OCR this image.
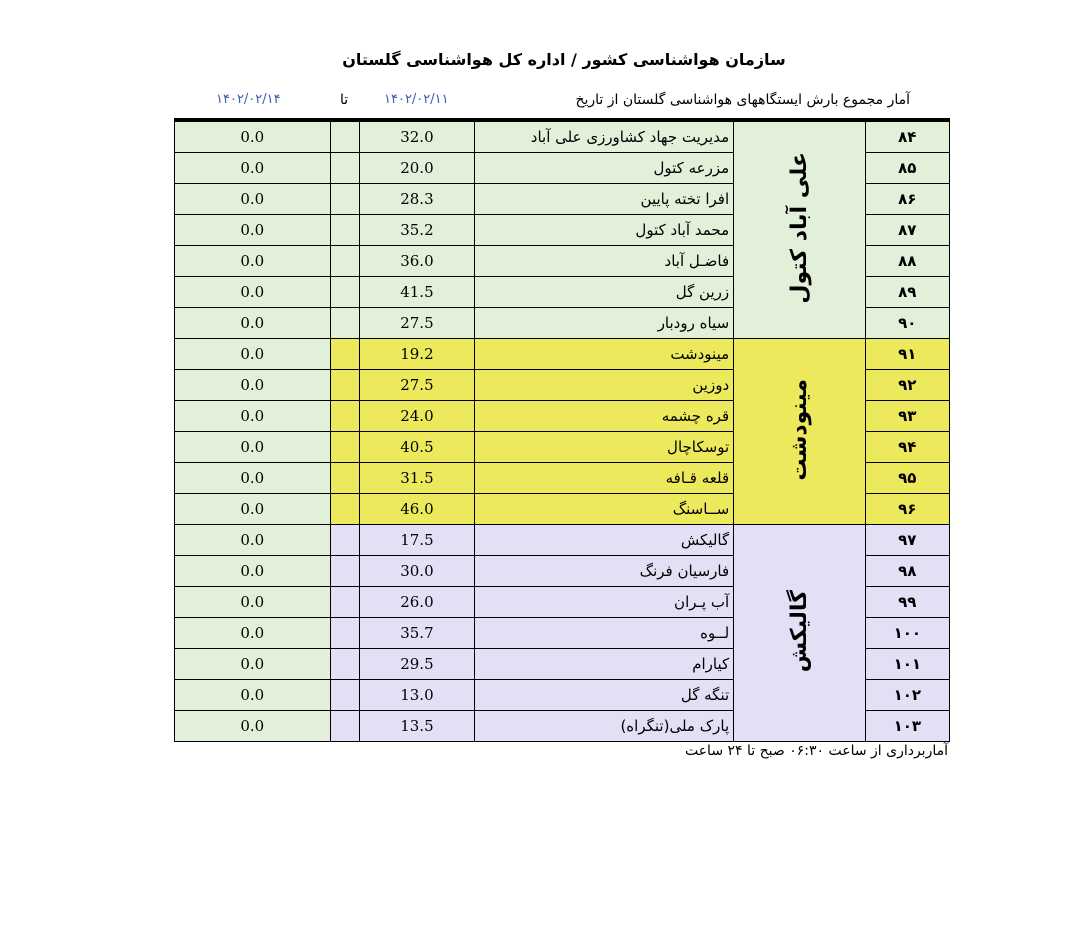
سازمان هواشناسی کشور / اداره کل هواشناسی گلستان
آمار مجموع بارش ایستگاههای هواشناسی گلستان از تاریخ
۱۴۰۲/۰۲/۱۱
تا
۱۴۰۲/۰۲/۱۴
0.0		32.0	مدیریت جهاد کشاورزی علی آباد	علی آباد کتول	۸۴
0.0		20.0	مزرعه کتول		۸۵
0.0		28.3	افرا تخته پایین		۸۶
0.0		35.2	محمد آباد کتول		۸۷
0.0		36.0	فاضـل آباد		۸۸
0.0		41.5	زرین گل		۸۹
0.0		27.5	سیاه رودبار		۹۰
0.0		19.2	مینودشت	مینودشت	۹۱
0.0		27.5	دوزین		۹۲
0.0		24.0	قره چشمه		۹۳
0.0		40.5	توسکاچال		۹۴
0.0		31.5	قلعه قـافه		۹۵
0.0		46.0	ســاسنگ		۹۶
0.0		17.5	گالیکش	گالیکش	۹۷
0.0		30.0	فارسیان فرنگ		۹۸
0.0		26.0	آب پـران		۹۹
0.0		35.7	لــوه		۱۰۰
0.0		29.5	کیارام		۱۰۱
0.0		13.0	تنگه گل		۱۰۲
0.0		13.5	پارک ملی(تنگراه)		۱۰۳
آماربرداری از ساعت ۰۶:۳۰ صبح تا ۲۴ ساعت
